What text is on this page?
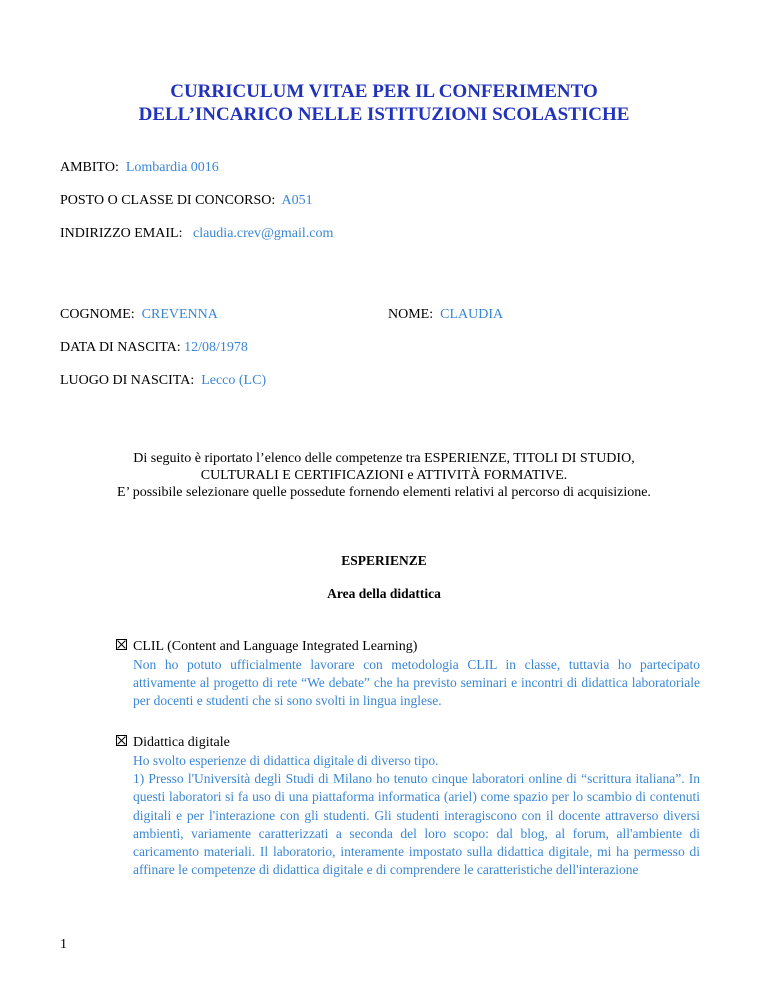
CURRICULUM VITAE PER IL CONFERIMENTO
DELL’INCARICO NELLE ISTITUZIONI SCOLASTICHE
AMBITO: Lombardia 0016
POSTO O CLASSE DI CONCORSO: A051
INDIRIZZO EMAIL: claudia.crev@gmail.com
COGNOME: CREVENNA	NOME: CLAUDIA
DATA DI NASCITA: 12/08/1978
LUOGO DI NASCITA: Lecco (LC)
Di seguito è riportato l’elenco delle competenze tra ESPERIENZE, TITOLI DI STUDIO,
CULTURALI E CERTIFICAZIONI e ATTIVITÀ FORMATIVE.
E’ possibile selezionare quelle possedute fornendo elementi relativi al percorso di acquisizione.
ESPERIENZE
Area della didattica
CLIL (Content and Language Integrated Learning)

Non ho potuto ufficialmente lavorare con metodologia CLIL in classe, tuttavia ho partecipato attivamente al progetto di rete “We debate” che ha previsto seminari e incontri di didattica laboratoriale per docenti e studenti che si sono svolti in lingua inglese.

Didattica digitale

Ho svolto esperienze di didattica digitale di diverso tipo.

1) Presso l'Università degli Studi di Milano ho tenuto cinque laboratori online di “scrittura italiana”. In questi laboratori si fa uso di una piattaforma informatica (ariel) come spazio per lo scambio di contenuti digitali e per l'interazione con gli studenti. Gli studenti interagiscono con il docente attraverso diversi ambienti, variamente caratterizzati a seconda del loro scopo: dal blog, al forum, all'ambiente di caricamento materiali. Il laboratorio, interamente impostato sulla didattica digitale, mi ha permesso di affinare le competenze di didattica digitale e di comprendere le caratteristiche dell'interazione

1
